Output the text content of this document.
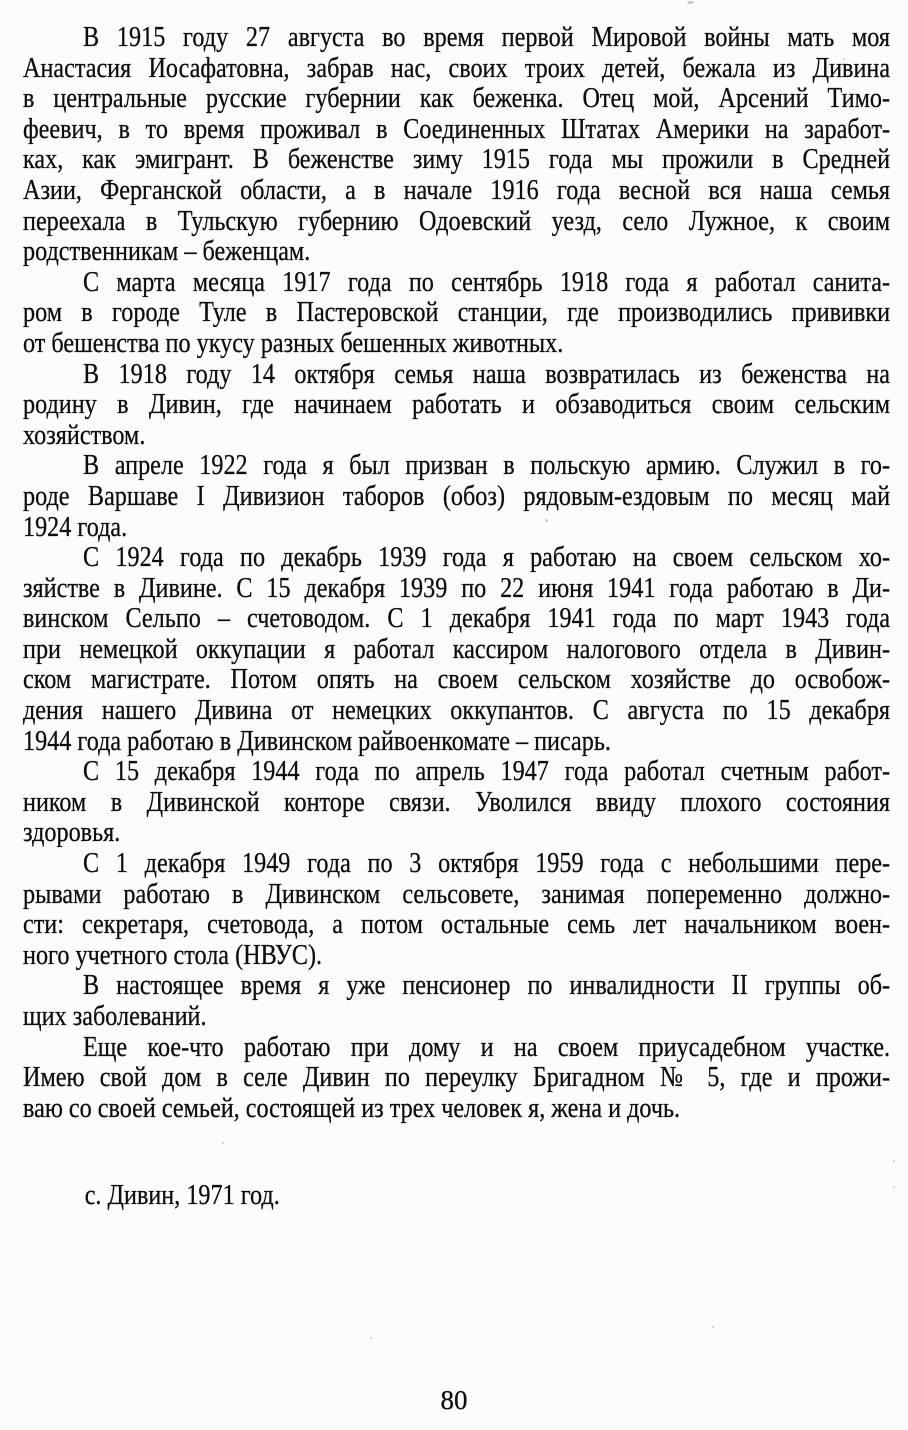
В 1915 году 27 августа во время первой Мировой войны мать моя
Анастасия Иосафатовна, забрав нас, своих троих детей, бежала из Дивина
в центральные русские губернии как беженка. Отец мой, Арсений Тимо-
феевич, в то время проживал в Соединенных Штатах Америки на заработ-
ках, как эмигрант. В беженстве зиму 1915 года мы прожили в Средней
Азии, Ферганской области, а в начале 1916 года весной вся наша семья
переехала в Тульскую губернию Одоевский уезд, село Лужное, к своим
родственникам – беженцам.
С марта месяца 1917 года по сентябрь 1918 года я работал санита-
ром в городе Туле в Пастеровской станции, где производились прививки
от бешенства по укусу разных бешенных животных.
В 1918 году 14 октября семья наша возвратилась из беженства на
родину в Дивин, где начинаем работать и обзаводиться своим сельским
хозяйством.
В апреле 1922 года я был призван в польскую армию. Служил в го-
роде Варшаве I Дивизион таборов (обоз) рядовым-ездовым по месяц май
1924 года.
С 1924 года по декабрь 1939 года я работаю на своем сельском хо-
зяйстве в Дивине. С 15 декабря 1939 по 22 июня 1941 года работаю в Ди-
винском Сельпо – счетоводом. С 1 декабря 1941 года по март 1943 года
при немецкой оккупации я работал кассиром налогового отдела в Дивин-
ском магистрате. Потом опять на своем сельском хозяйстве до освобож-
дения нашего Дивина от немецких оккупантов. С августа по 15 декабря
1944 года работаю в Дивинском райвоенкомате – писарь.
С 15 декабря 1944 года по апрель 1947 года работал счетным работ-
ником в Дивинской конторе связи. Уволился ввиду плохого состояния
здоровья.
С 1 декабря 1949 года по 3 октября 1959 года с небольшими пере-
рывами работаю в Дивинском сельсовете, занимая попеременно должно-
сти: секретаря, счетовода, а потом остальные семь лет начальником воен-
ного учетного стола (НВУС).
В настоящее время я уже пенсионер по инвалидности II группы об-
щих заболеваний.
Еще кое-что работаю при дому и на своем приусадебном участке.
Имею свой дом в селе Дивин по переулку Бригадном № 5, где и прожи-
ваю со своей семьей, состоящей из трех человек я, жена и дочь.
с. Дивин, 1971 год.
80
